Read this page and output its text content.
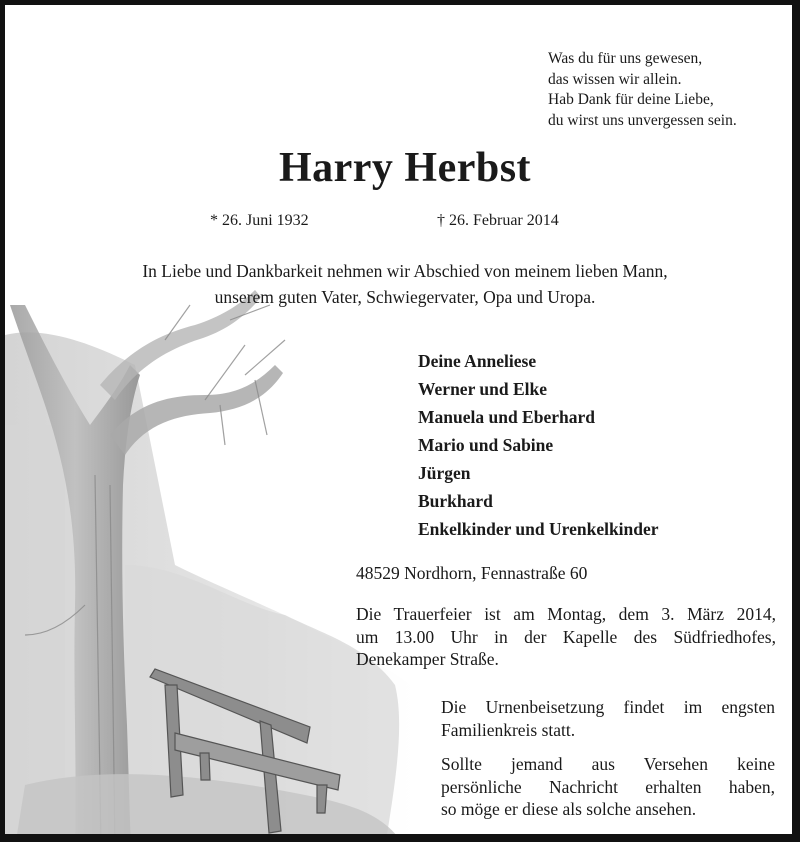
Was du für uns gewesen,
das wissen wir allein.
Hab Dank für deine Liebe,
du wirst uns unvergessen sein.
Harry Herbst
* 26. Juni 1932	† 26. Februar 2014
In Liebe und Dankbarkeit nehmen wir Abschied von meinem lieben Mann,
unserem guten Vater, Schwiegervater, Opa und Uropa.
Deine Anneliese
Werner und Elke
Manuela und Eberhard
Mario und Sabine
Jürgen
Burkhard
Enkelkinder und Urenkelkinder
48529 Nordhorn, Fennastraße 60
Die Trauerfeier ist am Montag, dem 3. März 2014,
um 13.00 Uhr in der Kapelle des Südfriedhofes,
Denekamper Straße.
Die Urnenbeisetzung findet im engsten
Familienkreis statt.
Sollte jemand aus Versehen keine
persönliche Nachricht erhalten haben,
so möge er diese als solche ansehen.
